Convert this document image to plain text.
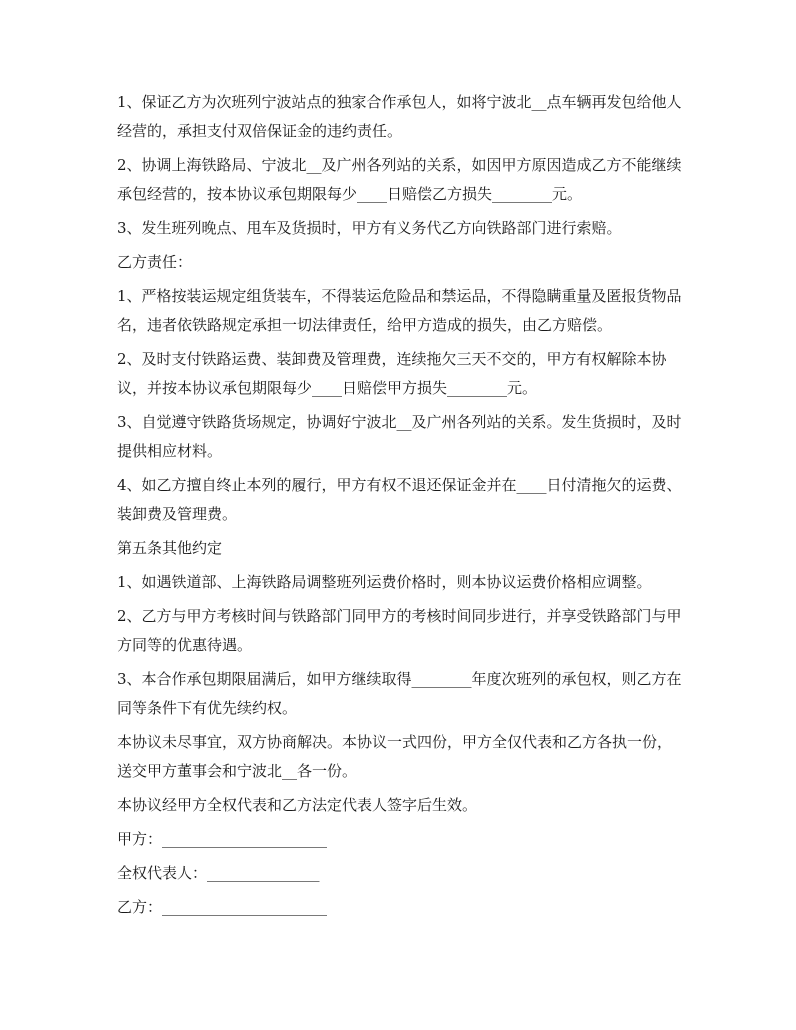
1、保证乙方为次班列宁波站点的独家合作承包人，如将宁波北__点车辆再发包给他人经营的，承担支付双倍保证金的违约责任。

2、协调上海铁路局、宁波北__及广州各列站的关系，如因甲方原因造成乙方不能继续承包经营的，按本协议承包期限每少____日赔偿乙方损失________元。

3、发生班列晚点、甩车及货损时，甲方有义务代乙方向铁路部门进行索赔。

乙方责任：

1、严格按装运规定组货装车，不得装运危险品和禁运品，不得隐瞒重量及匿报货物品名，违者依铁路规定承担一切法律责任，给甲方造成的损失，由乙方赔偿。

2、及时支付铁路运费、装卸费及管理费，连续拖欠三天不交的，甲方有权解除本协议，并按本协议承包期限每少____日赔偿甲方损失________元。

3、自觉遵守铁路货场规定，协调好宁波北__及广州各列站的关系。发生货损时，及时提供相应材料。

4、如乙方擅自终止本列的履行，甲方有权不退还保证金并在____日付清拖欠的运费、装卸费及管理费。

第五条其他约定

1、如遇铁道部、上海铁路局调整班列运费价格时，则本协议运费价格相应调整。

2、乙方与甲方考核时间与铁路部门同甲方的考核时间同步进行，并享受铁路部门与甲方同等的优惠待遇。

3、本合作承包期限届满后，如甲方继续取得________年度次班列的承包权，则乙方在同等条件下有优先续约权。

本协议未尽事宜，双方协商解决。本协议一式四份，甲方全仅代表和乙方各执一份，送交甲方董事会和宁波北__各一份。

本协议经甲方全权代表和乙方法定代表人签字后生效。

甲方：______________________

全权代表人：_______________

乙方：______________________
